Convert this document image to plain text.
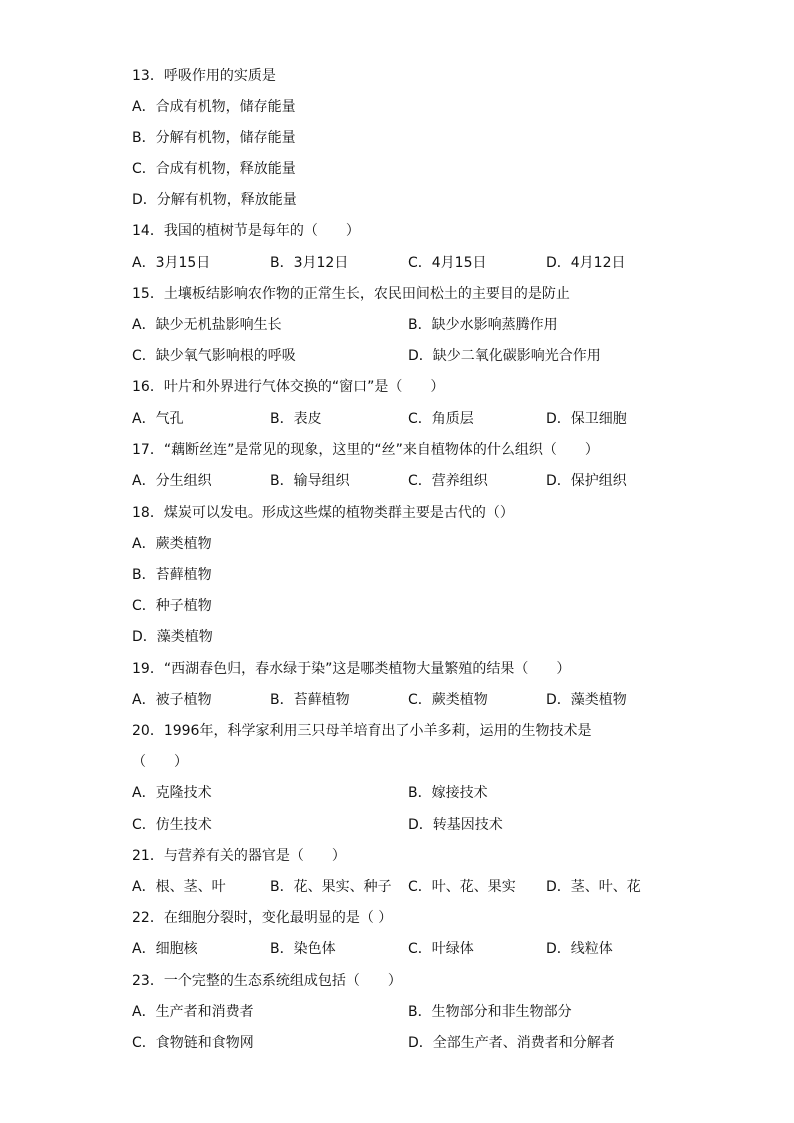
13．呼吸作用的实质是
A．合成有机物，储存能量
B．分解有机物，储存能量
C．合成有机物，释放能量
D．分解有机物，释放能量
14．我国的植树节是每年的（　　）
A．3月15日	B．3月12日	C．4月15日	D．4月12日
15．土壤板结影响农作物的正常生长，农民田间松土的主要目的是防止
A．缺少无机盐影响生长	B．缺少水影响蒸腾作用
C．缺少氧气影响根的呼吸	D．缺少二氧化碳影响光合作用
16．叶片和外界进行气体交换的“窗口”是（　　）
A．气孔	B．表皮	C．角质层	D．保卫细胞
17．“藕断丝连”是常见的现象，这里的“丝”来自植物体的什么组织（　　）
A．分生组织	B．输导组织	C．营养组织	D．保护组织
18．煤炭可以发电。形成这些煤的植物类群主要是古代的（）
A．蕨类植物
B．苔藓植物
C．种子植物
D．藻类植物
19．“西湖春色归，春水绿于染”这是哪类植物大量繁殖的结果（　　）
A．被子植物	B．苔藓植物	C．蕨类植物	D．藻类植物
20．1996年，科学家利用三只母羊培育出了小羊多莉，运用的生物技术是
（　　）
A．克隆技术	B．嫁接技术
C．仿生技术	D．转基因技术
21．与营养有关的器官是（　　）
A．根、茎、叶	B．花、果实、种子 C．叶、花、果实 D．茎、叶、花
22．在细胞分裂时，变化最明显的是（ ）
A．细胞核	B．染色体	C．叶绿体	D．线粒体
23．一个完整的生态系统组成包括（　　）
A．生产者和消费者	B．生物部分和非生物部分
C．食物链和食物网	D．全部生产者、消费者和分解者
